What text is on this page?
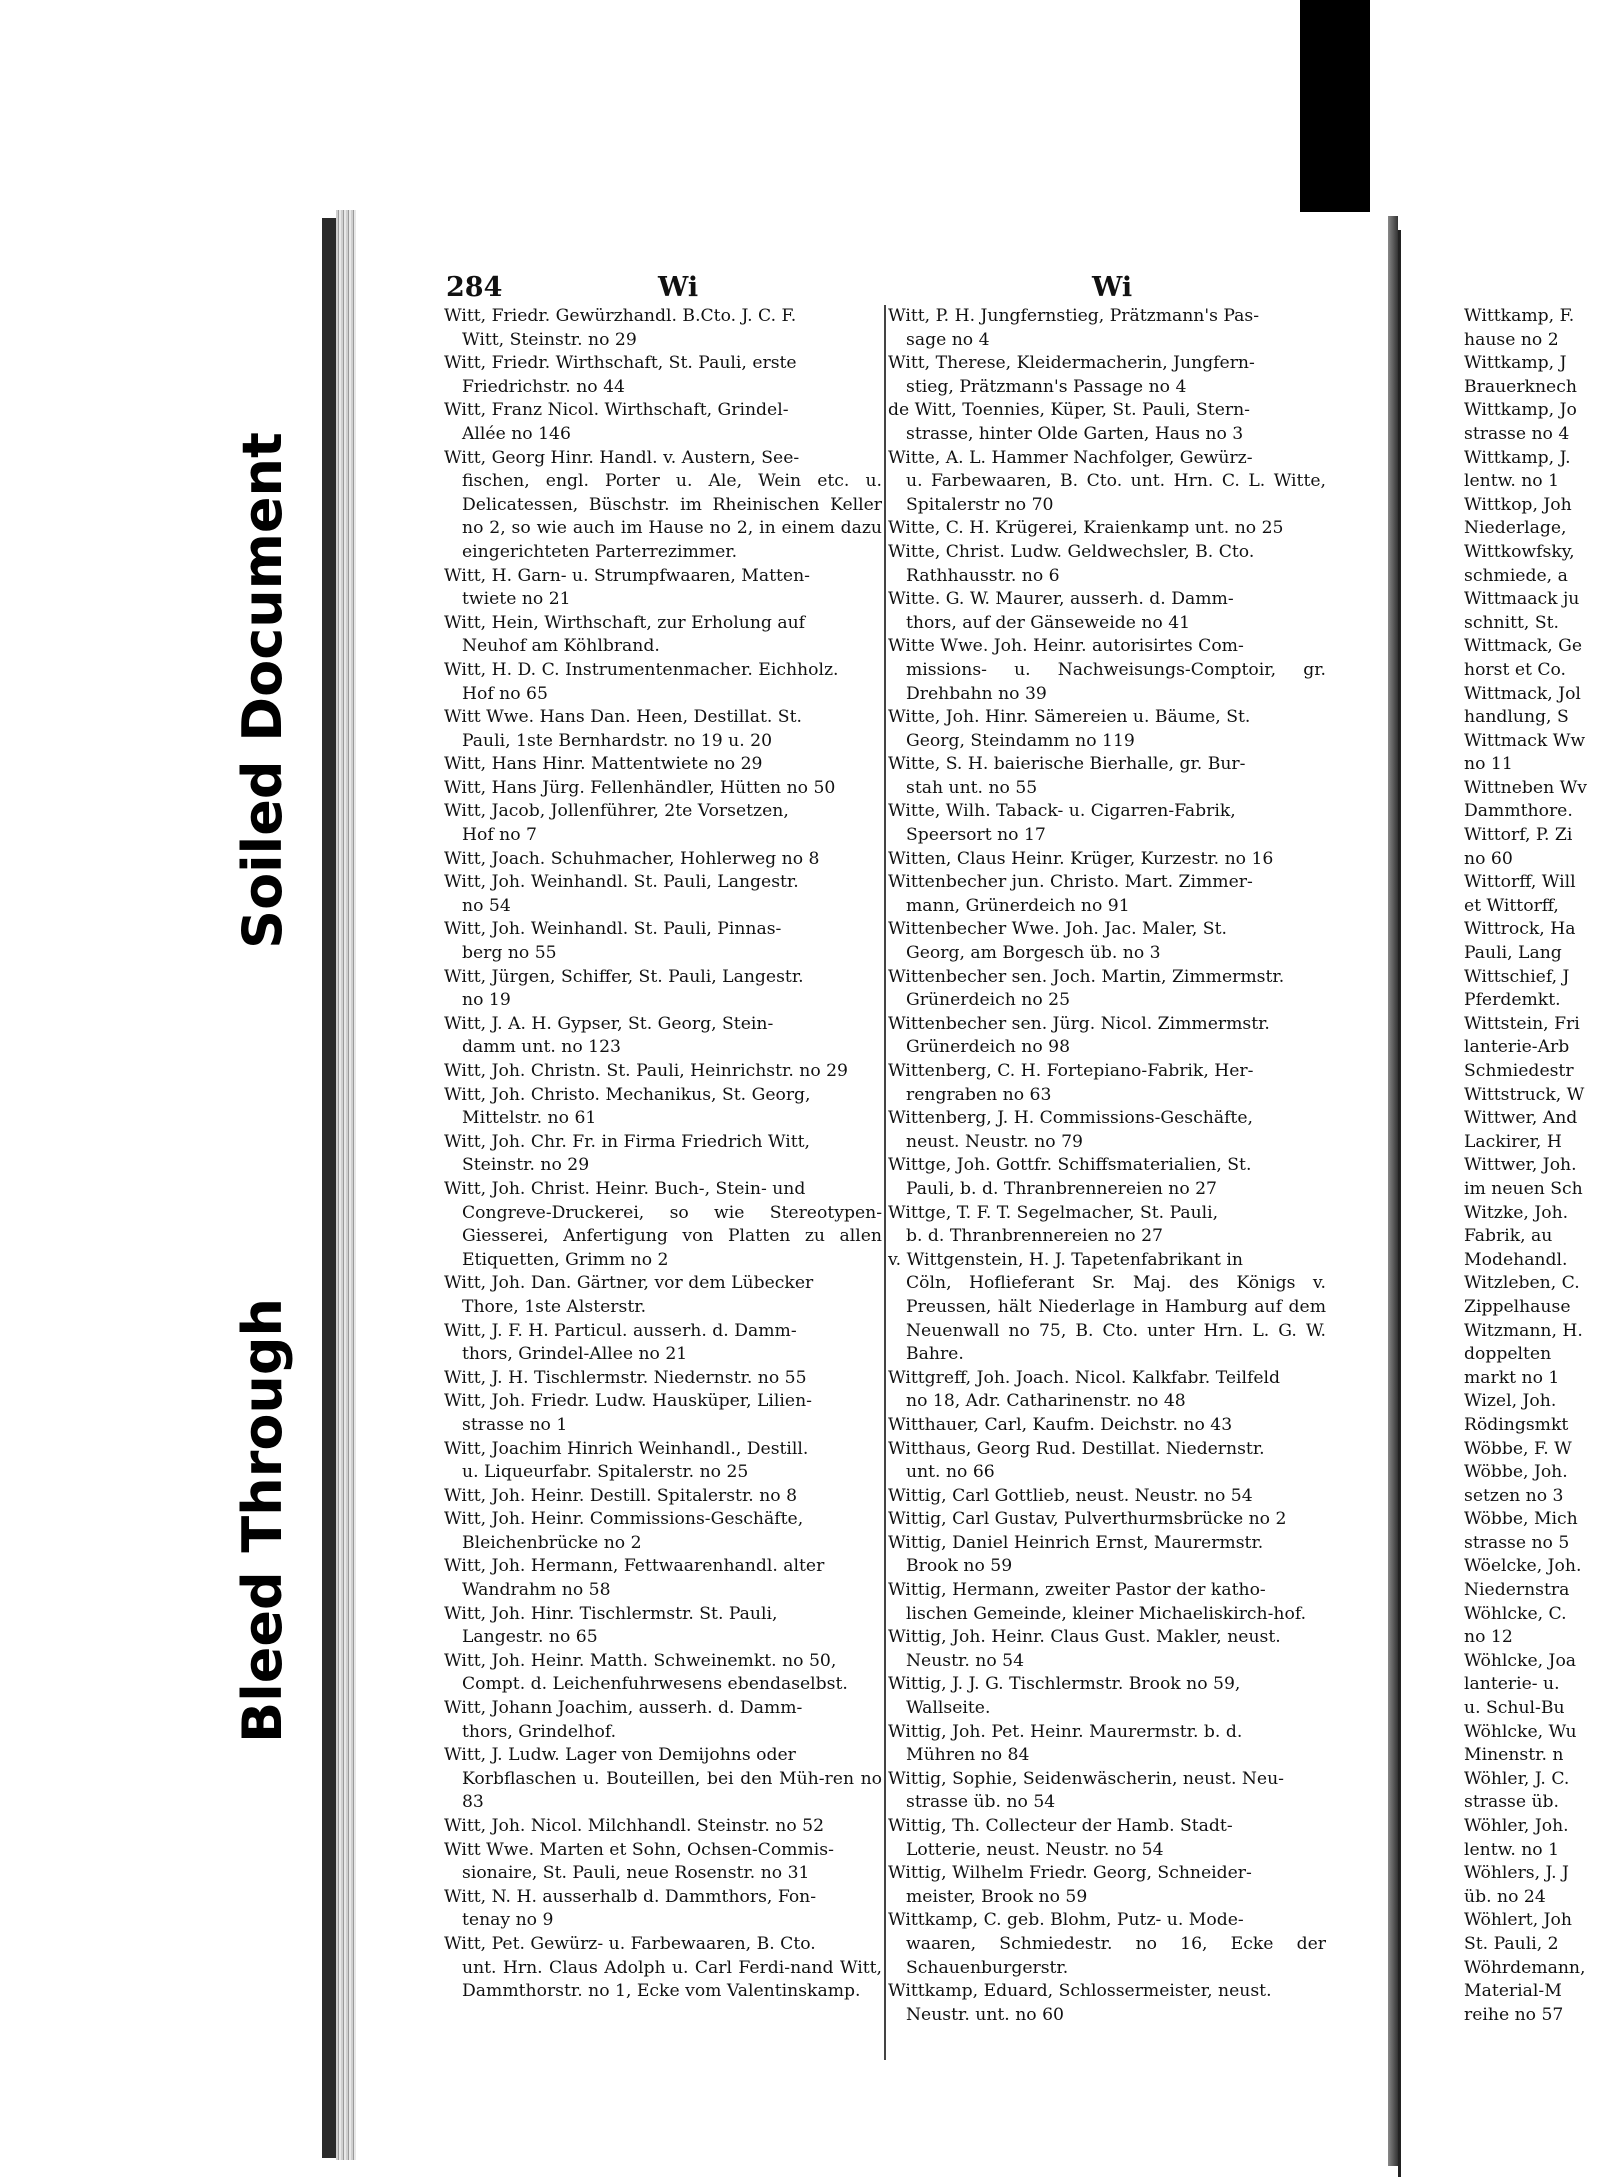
Soiled Document
Bleed Through
284	Wi	Wi

Witt, Friedr. Gewürzhandl. B.Cto. J. C. F.
Witt, Steinstr. no 29

Witt, Friedr. Wirthschaft, St. Pauli, erste
Friedrichstr. no 44

Witt, Franz Nicol. Wirthschaft, Grindel-
Allée no 146

Witt, Georg Hinr. Handl. v. Austern, See-
fischen, engl. Porter u. Ale, Wein etc. u. Delicatessen, Büschstr. im Rheinischen Keller no 2, so wie auch im Hause no 2, in einem dazu eingerichteten Parterrezimmer.

Witt, H. Garn- u. Strumpfwaaren, Matten-
twiete no 21

Witt, Hein, Wirthschaft, zur Erholung auf
Neuhof am Köhlbrand.

Witt, H. D. C. Instrumentenmacher. Eichholz.
Hof no 65

Witt Wwe. Hans Dan. Heen, Destillat. St.
Pauli, 1ste Bernhardstr. no 19 u. 20

Witt, Hans Hinr. Mattentwiete no 29

Witt, Hans Jürg. Fellenhändler, Hütten no 50

Witt, Jacob, Jollenführer, 2te Vorsetzen,
Hof no 7

Witt, Joach. Schuhmacher, Hohlerweg no 8

Witt, Joh. Weinhandl. St. Pauli, Langestr.
no 54

Witt, Joh. Weinhandl. St. Pauli, Pinnas-
berg no 55

Witt, Jürgen, Schiffer, St. Pauli, Langestr.
no 19

Witt, J. A. H. Gypser, St. Georg, Stein-
damm unt. no 123

Witt, Joh. Christn. St. Pauli, Heinrichstr. no 29

Witt, Joh. Christo. Mechanikus, St. Georg,
Mittelstr. no 61

Witt, Joh. Chr. Fr. in Firma Friedrich Witt,
Steinstr. no 29

Witt, Joh. Christ. Heinr. Buch-, Stein- und
Congreve-Druckerei, so wie Stereotypen-Giesserei, Anfertigung von Platten zu allen Etiquetten, Grimm no 2

Witt, Joh. Dan. Gärtner, vor dem Lübecker
Thore, 1ste Alsterstr.

Witt, J. F. H. Particul. ausserh. d. Damm-
thors, Grindel-Allee no 21

Witt, J. H. Tischlermstr. Niedernstr. no 55

Witt, Joh. Friedr. Ludw. Hausküper, Lilien-
strasse no 1

Witt, Joachim Hinrich Weinhandl., Destill.
u. Liqueurfabr. Spitalerstr. no 25

Witt, Joh. Heinr. Destill. Spitalerstr. no 8

Witt, Joh. Heinr. Commissions-Geschäfte,
Bleichenbrücke no 2

Witt, Joh. Hermann, Fettwaarenhandl. alter
Wandrahm no 58

Witt, Joh. Hinr. Tischlermstr. St. Pauli,
Langestr. no 65

Witt, Joh. Heinr. Matth. Schweinemkt. no 50,
Compt. d. Leichenfuhrwesens ebendaselbst.

Witt, Johann Joachim, ausserh. d. Damm-
thors, Grindelhof.

Witt, J. Ludw. Lager von Demijohns oder
Korbflaschen u. Bouteillen, bei den Müh-ren no 83

Witt, Joh. Nicol. Milchhandl. Steinstr. no 52

Witt Wwe. Marten et Sohn, Ochsen-Commis-
sionaire, St. Pauli, neue Rosenstr. no 31

Witt, N. H. ausserhalb d. Dammthors, Fon-
tenay no 9

Witt, Pet. Gewürz- u. Farbewaaren, B. Cto.
unt. Hrn. Claus Adolph u. Carl Ferdi-nand Witt, Dammthorstr. no 1, Ecke vom Valentinskamp.

Witt, P. H. Jungfernstieg, Prätzmann's Pas-
sage no 4

Witt, Therese, Kleidermacherin, Jungfern-
stieg, Prätzmann's Passage no 4

de Witt, Toennies, Küper, St. Pauli, Stern-
strasse, hinter Olde Garten, Haus no 3

Witte, A. L. Hammer Nachfolger, Gewürz-
u. Farbewaaren, B. Cto. unt. Hrn. C. L. Witte, Spitalerstr no 70

Witte, C. H. Krügerei, Kraienkamp unt. no 25

Witte, Christ. Ludw. Geldwechsler, B. Cto.
Rathhausstr. no 6

Witte. G. W. Maurer, ausserh. d. Damm-
thors, auf der Gänseweide no 41

Witte Wwe. Joh. Heinr. autorisirtes Com-
missions- u. Nachweisungs-Comptoir, gr. Drehbahn no 39

Witte, Joh. Hinr. Sämereien u. Bäume, St.
Georg, Steindamm no 119

Witte, S. H. baierische Bierhalle, gr. Bur-
stah unt. no 55

Witte, Wilh. Taback- u. Cigarren-Fabrik,
Speersort no 17

Witten, Claus Heinr. Krüger, Kurzestr. no 16

Wittenbecher jun. Christo. Mart. Zimmer-
mann, Grünerdeich no 91

Wittenbecher Wwe. Joh. Jac. Maler, St.
Georg, am Borgesch üb. no 3

Wittenbecher sen. Joch. Martin, Zimmermstr.
Grünerdeich no 25

Wittenbecher sen. Jürg. Nicol. Zimmermstr.
Grünerdeich no 98

Wittenberg, C. H. Fortepiano-Fabrik, Her-
rengraben no 63

Wittenberg, J. H. Commissions-Geschäfte,
neust. Neustr. no 79

Wittge, Joh. Gottfr. Schiffsmaterialien, St.
Pauli, b. d. Thranbrennereien no 27

Wittge, T. F. T. Segelmacher, St. Pauli,
b. d. Thranbrennereien no 27

v. Wittgenstein, H. J. Tapetenfabrikant in
Cöln, Hoflieferant Sr. Maj. des Königs v. Preussen, hält Niederlage in Hamburg auf dem Neuenwall no 75, B. Cto. unter Hrn. L. G. W. Bahre.

Wittgreff, Joh. Joach. Nicol. Kalkfabr. Teilfeld
no 18, Adr. Catharinenstr. no 48

Witthauer, Carl, Kaufm. Deichstr. no 43

Witthaus, Georg Rud. Destillat. Niedernstr.
unt. no 66

Wittig, Carl Gottlieb, neust. Neustr. no 54

Wittig, Carl Gustav, Pulverthurmsbrücke no 2

Wittig, Daniel Heinrich Ernst, Maurermstr.
Brook no 59

Wittig, Hermann, zweiter Pastor der katho-
lischen Gemeinde, kleiner Michaeliskirch-hof.

Wittig, Joh. Heinr. Claus Gust. Makler, neust.
Neustr. no 54

Wittig, J. J. G. Tischlermstr. Brook no 59,
Wallseite.

Wittig, Joh. Pet. Heinr. Maurermstr. b. d.
Mühren no 84

Wittig, Sophie, Seidenwäscherin, neust. Neu-
strasse üb. no 54

Wittig, Th. Collecteur der Hamb. Stadt-
Lotterie, neust. Neustr. no 54

Wittig, Wilhelm Friedr. Georg, Schneider-
meister, Brook no 59

Wittkamp, C. geb. Blohm, Putz- u. Mode-
waaren, Schmiedestr. no 16, Ecke der Schauenburgerstr.

Wittkamp, Eduard, Schlossermeister, neust.
Neustr. unt. no 60

Wittkamp, F.
hause no 2
Wittkamp, J
Brauerknech
Wittkamp, Jo
strasse no 4
Wittkamp, J.
lentw. no 1
Wittkop, Joh
Niederlage,
Wittkowfsky,
schmiede, a
Wittmaack ju
schnitt, St.
Wittmack, Ge
horst et Co.
Wittmack, Jol
handlung, S
Wittmack Ww
no 11
Wittneben Wv
Dammthore.
Wittorf, P. Zi
no 60
Wittorff, Will
et Wittorff,
Wittrock, Ha
Pauli, Lang
Wittschief, J
Pferdemkt.
Wittstein, Fri
lanterie-Arb
Schmiedestr
Wittstruck, W
Wittwer, And
Lackirer, H
Wittwer, Joh.
im neuen Sch
Witzke, Joh.
Fabrik, au
Modehandl.
Witzleben, C.
Zippelhause
Witzmann, H.
doppelten
markt no 1
Wizel, Joh.
Rödingsmkt
Wöbbe, F. W
Wöbbe, Joh.
setzen no 3
Wöbbe, Mich
strasse no 5
Wöelcke, Joh.
Niedernstra
Wöhlcke, C.
no 12
Wöhlcke, Joa
lanterie- u.
u. Schul-Bu
Wöhlcke, Wu
Minenstr. n
Wöhler, J. C.
strasse üb.
Wöhler, Joh.
lentw. no 1
Wöhlers, J. J
üb. no 24
Wöhlert, Joh
St. Pauli, 2
Wöhrdemann,
Material-M
reihe no 57
